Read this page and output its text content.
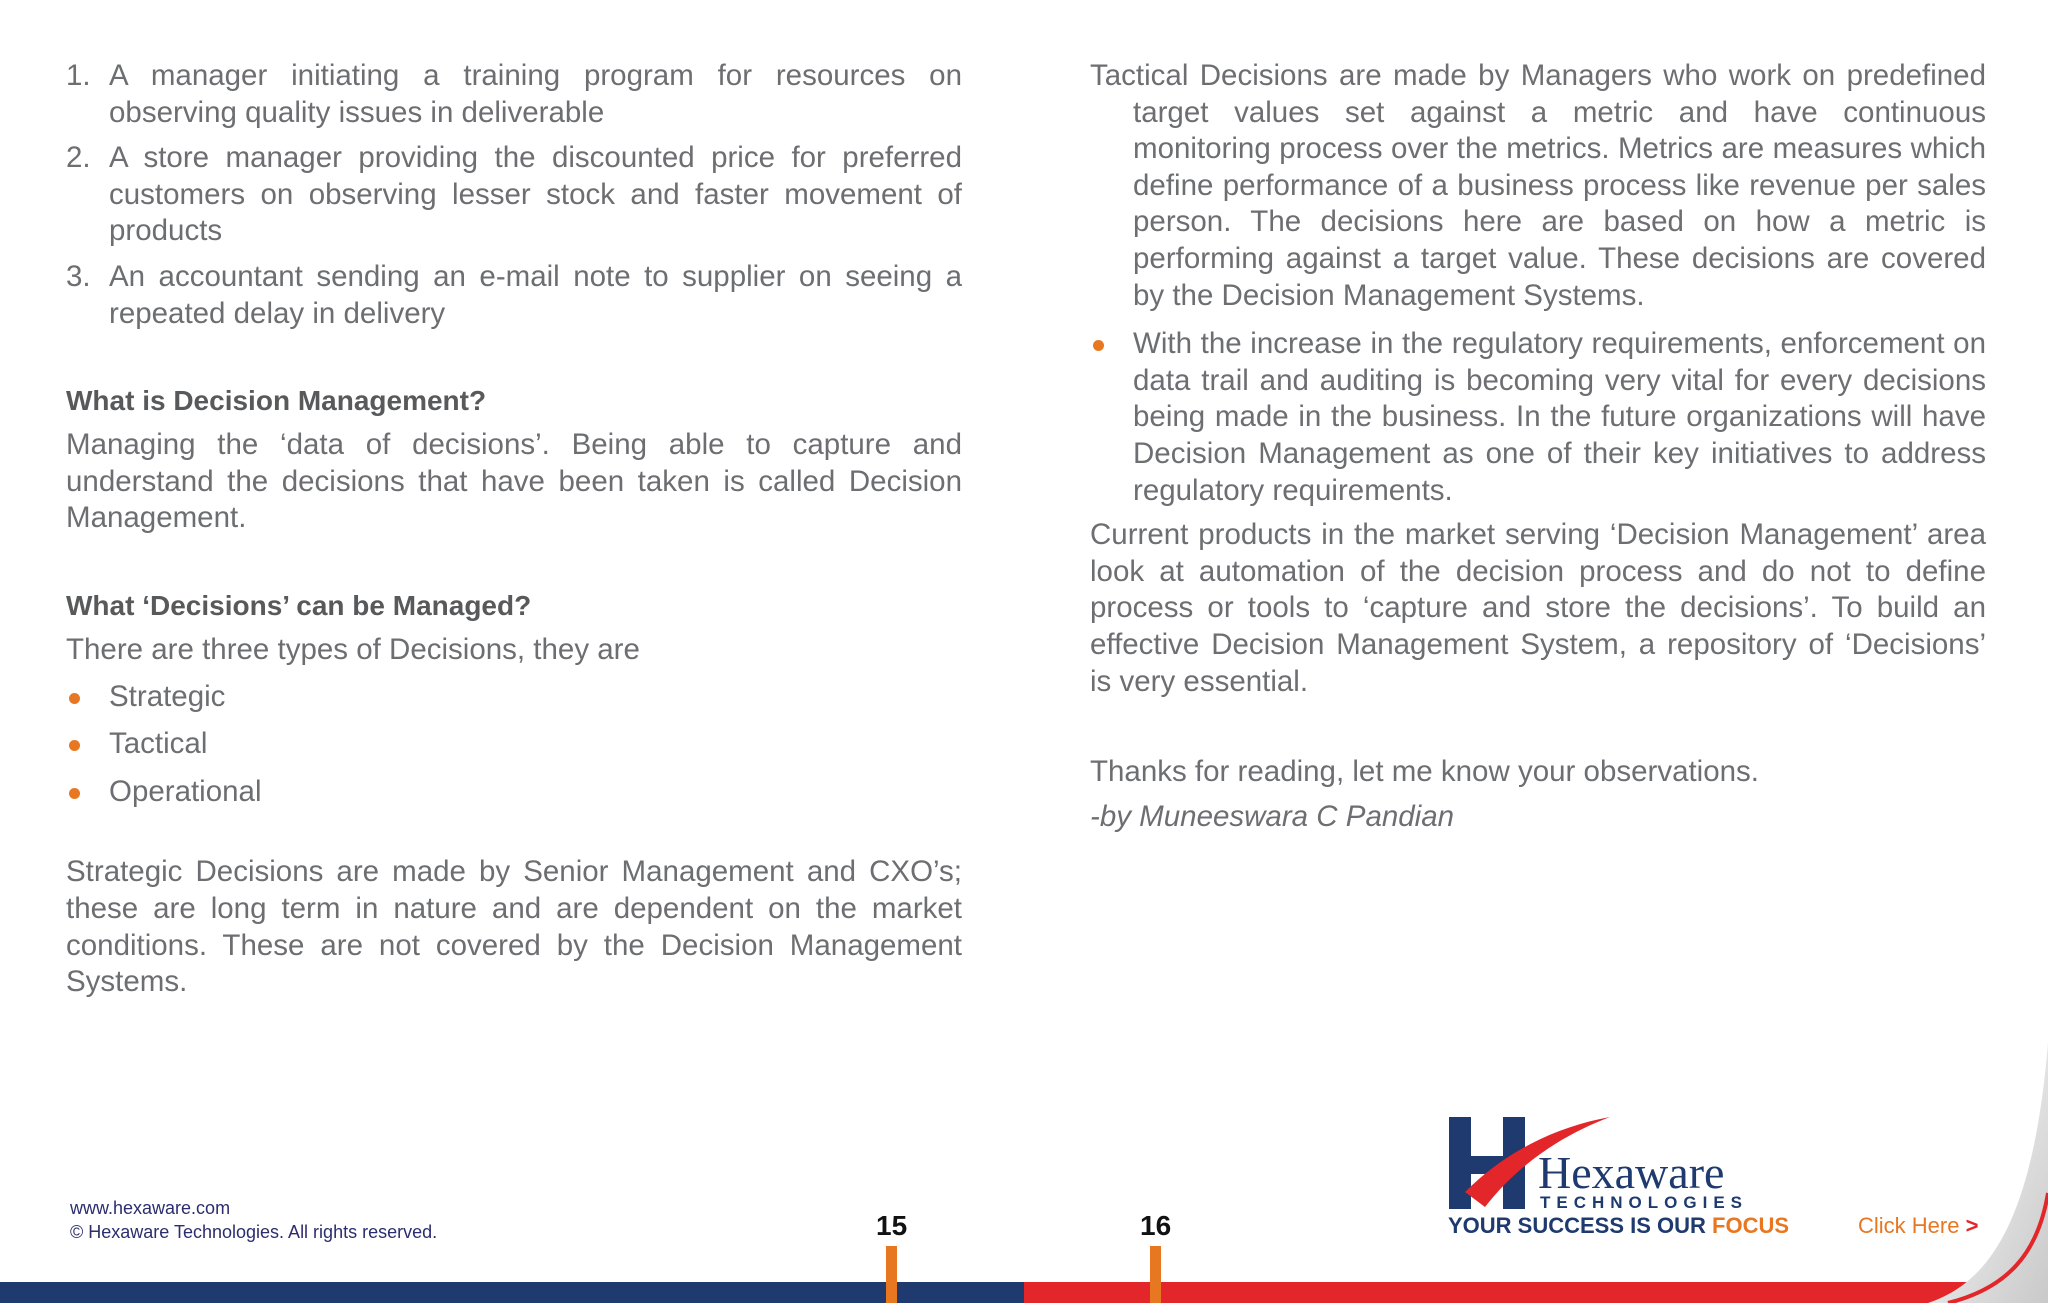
1. A manager initiating a training program for resources on observing quality issues in deliverable
2. A store manager providing the discounted price for preferred customers on observing lesser stock and faster movement of products
3. An accountant sending an e-mail note to supplier on seeing a repeated delay in delivery
What is Decision Management?

Managing the ‘data of decisions’. Being able to capture and understand the decisions that have been taken is called Decision Management.

What ‘Decisions’ can be Managed?

There are three types of Decisions, they are

Strategic
Tactical
Operational

Strategic Decisions are made by Senior Management and CXO’s; these are long term in nature and are dependent on the market conditions. These are not covered by the Decision Management Systems.

Tactical Decisions are made by Managers who work on predefined target values set against a metric and have continuous monitoring process over the metrics. Metrics are measures which define performance of a business process like revenue per sales person. The decisions here are based on how a metric is performing against a target value. These decisions are covered by the Decision Management Systems.

With the increase in the regulatory requirements, enforcement on data trail and auditing is becoming very vital for every decisions being made in the business. In the future organizations will have Decision Management as one of their key initiatives to address regulatory requirements.

Current products in the market serving ‘Decision Management’ area look at automation of the decision process and do not to define process or tools to ‘capture and store the decisions’. To build an effective Decision Management System, a repository of ‘Decisions’ is very essential.

Thanks for reading, let me know your observations.

-by Muneeswara C Pandian

www.hexaware.com
© Hexaware Technologies. All rights reserved.	15	16
Hexaware
TECHNOLOGIES
YOUR SUCCESS IS OUR FOCUS	Click Here >
